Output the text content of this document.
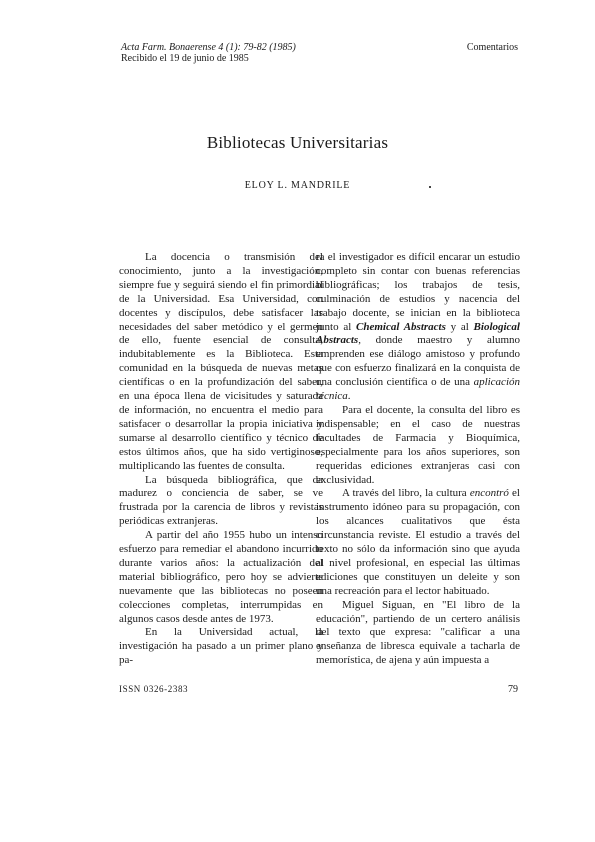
Acta Farm. Bonaerense 4 (1): 79-82 (1985)
Recibido el 19 de junio de 1985
Comentarios
Bibliotecas Universitarias
ELOY L. MANDRILE

La docencia o transmisión del conocimiento, junto a la investigación, siempre fue y seguirá siendo el fin primordial de la Universidad. Esa Universidad, con docentes y discípulos, debe satisfacer las necesidades del saber metódico y el germen de ello, fuente esencial de consulta, indubitablemente es la Biblioteca. Esta comunidad en la búsqueda de nuevas metas científicas o en la profundización del saber, en una época llena de vicisitudes y saturada de información, no encuentra el medio para satisfacer o desarrollar la propia iniciativa y sumarse al desarrollo científico y técnico de estos últimos años, que ha sido vertiginoso, multiplicando las fuentes de consulta.

La búsqueda bibliográfica, que da madurez o conciencia de saber, se ve frustrada por la carencia de libros y revistas periódicas extranjeras.

A partir del año 1955 hubo un intenso esfuerzo para remediar el abandono incurrido durante varios años: la actualización del material bibliográfico, pero hoy se advierte nuevamente que las bibliotecas no poseen colecciones completas, interrumpidas en algunos casos desde antes de 1973.

En la Universidad actual, la investigación ha pasado a un primer plano y pa-

ra el investigador es difícil encarar un estudio completo sin contar con buenas referencias bibliográficas; los trabajos de tesis, culminación de estudios y nacencia del trabajo docente, se inician en la biblioteca junto al Chemical Abstracts y al Biological Abstracts, donde maestro y alumno emprenden ese diálogo amistoso y profundo que con esfuerzo finalizará en la conquista de una conclusión científica o de una aplicación técnica.

Para el docente, la consulta del libro es indispensable; en el caso de nuestras facultades de Farmacia y Bioquímica, especialmente para los años superiores, son requeridas ediciones extranjeras casi con exclusividad.

A través del libro, la cultura encontró el instrumento idóneo para su propagación, con los alcances cualitativos que ésta circunstancia reviste. El estudio a través del texto no sólo da información sino que ayuda al nivel profesional, en especial las últimas ediciones que constituyen un deleite y son una recreación para el lector habituado.

Miguel Siguan, en "El libro de la educación", partiendo de un certero análisis del texto que expresa: "calificar a una enseñanza de libresca equivale a tacharla de memorística, de ajena y aún impuesta a

ISSN 0326-2383	79
